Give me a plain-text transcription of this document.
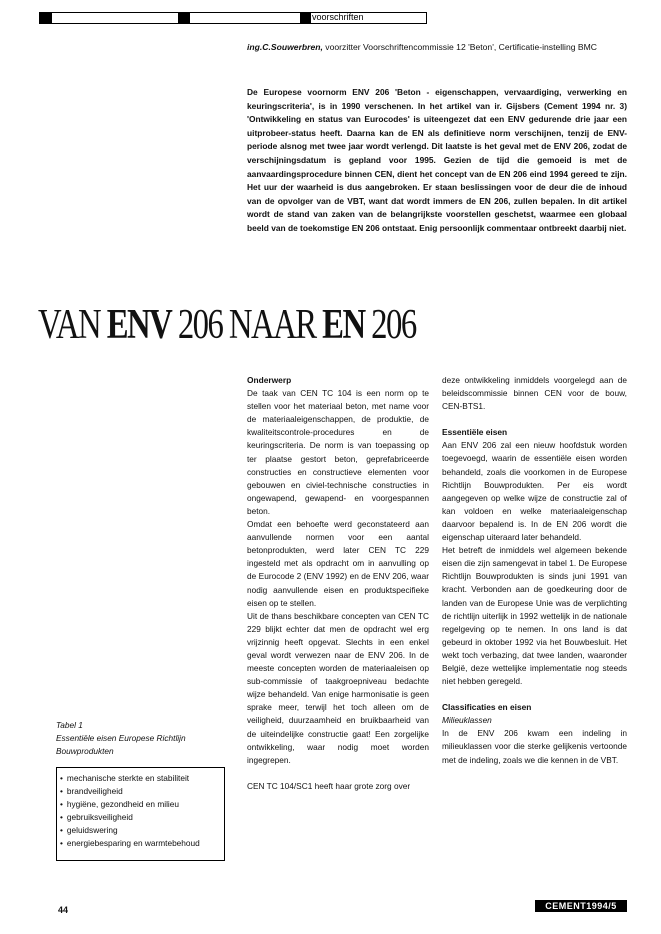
voorschriften
ing.C.Souwerbren, voorzitter Voorschriftencommissie 12 'Beton', Certificatie-instelling BMC

De Europese voornorm ENV 206 'Beton - eigenschappen, vervaardiging, verwerking en keuringscriteria', is in 1990 verschenen. In het artikel van ir. Gijsbers (Cement 1994 nr. 3) 'Ontwikkeling en status van Eurocodes' is uiteengezet dat een ENV gedurende drie jaar een uitprobeer-status heeft. Daarna kan de EN als definitieve norm verschijnen, tenzij de ENV-periode alsnog met twee jaar wordt verlengd. Dit laatste is het geval met de ENV 206, zodat de verschijningsdatum is gepland voor 1995. Gezien de tijd die gemoeid is met de aanvaardingsprocedure binnen CEN, dient het concept van de EN 206 eind 1994 gereed te zijn. Het uur der waarheid is dus aangebroken. Er staan beslissingen voor de deur die de inhoud van de opvolger van de VBT, want dat wordt immers de EN 206, zullen bepalen. In dit artikel wordt de stand van zaken van de belangrijkste voorstellen geschetst, waarmee een globaal beeld van de toekomstige EN 206 ontstaat. Enig persoonlijk commentaar ontbreekt daarbij niet.

VAN ENV 206 NAAR EN 206
Onderwerp

De taak van CEN TC 104 is een norm op te stellen voor het materiaal beton, met name voor de materiaaleigenschappen, de produktie, de kwaliteitscontrole-procedures en de keuringscriteria. De norm is van toepassing op ter plaatse gestort beton, geprefabriceerde constructies en constructieve elementen voor gebouwen en civiel-technische constructies in ongewapend, gewapend- en voorgespannen beton.

Omdat een behoefte werd geconstateerd aan aanvullende normen voor een aantal betonprodukten, werd later CEN TC 229 ingesteld met als opdracht om in aanvulling op de Eurocode 2 (ENV 1992) en de ENV 206, waar nodig aanvullende eisen en produktspecifieke eisen op te stellen.

Uit de thans beschikbare concepten van CEN TC 229 blijkt echter dat men de opdracht wel erg vrijzinnig heeft opgevat. Slechts in een enkel geval wordt verwezen naar de ENV 206. In de meeste concepten worden de materiaaleisen op sub-commissie of taakgroepniveau bedachte wijze behandeld. Van enige harmonisatie is geen sprake meer, terwijl het toch alleen om de veiligheid, duurzaamheid en bruikbaarheid van de uiteindelijke constructie gaat! Een zorgelijke ontwikkeling, waar nodig moet worden ingegrepen.

CEN TC 104/SC1 heeft haar grote zorg over

deze ontwikkeling inmiddels voorgelegd aan de beleidscommissie binnen CEN voor de bouw, CEN-BTS1.

Essentiële eisen

Aan ENV 206 zal een nieuw hoofdstuk worden toegevoegd, waarin de essentiële eisen worden behandeld, zoals die voorkomen in de Europese Richtlijn Bouwprodukten. Per eis wordt aangegeven op welke wijze de constructie zal of kan voldoen en welke materiaaleigenschap daarvoor bepalend is. In de EN 206 wordt die eigenschap uiteraard later behandeld.

Het betreft de inmiddels wel algemeen bekende eisen die zijn samengevat in tabel 1. De Europese Richtlijn Bouwprodukten is sinds juni 1991 van kracht. Verbonden aan de goedkeuring door de landen van de Europese Unie was de verplichting de richtlijn uiterlijk in 1992 wettelijk in de nationale regelgeving op te nemen. In ons land is dat gebeurd in oktober 1992 via het Bouwbesluit. Het wekt toch verbazing, dat twee landen, waaronder België, deze wettelijke implementatie nog steeds niet hebben geregeld.

Classificaties en eisen
Milieuklassen

In de ENV 206 kwam een indeling in milieuklassen voor die sterke gelijkenis vertoonde met de indeling, zoals we die kennen in de VBT.

Tabel 1
Essentiële eisen Europese Richtlijn Bouwprodukten
• mechanische sterkte en stabiliteit
• brandveiligheid
• hygiëne, gezondheid en milieu
• gebruiksveiligheid
• geluidswering
• energiebesparing en warmtebehoud
44	CEMENT1994/5
